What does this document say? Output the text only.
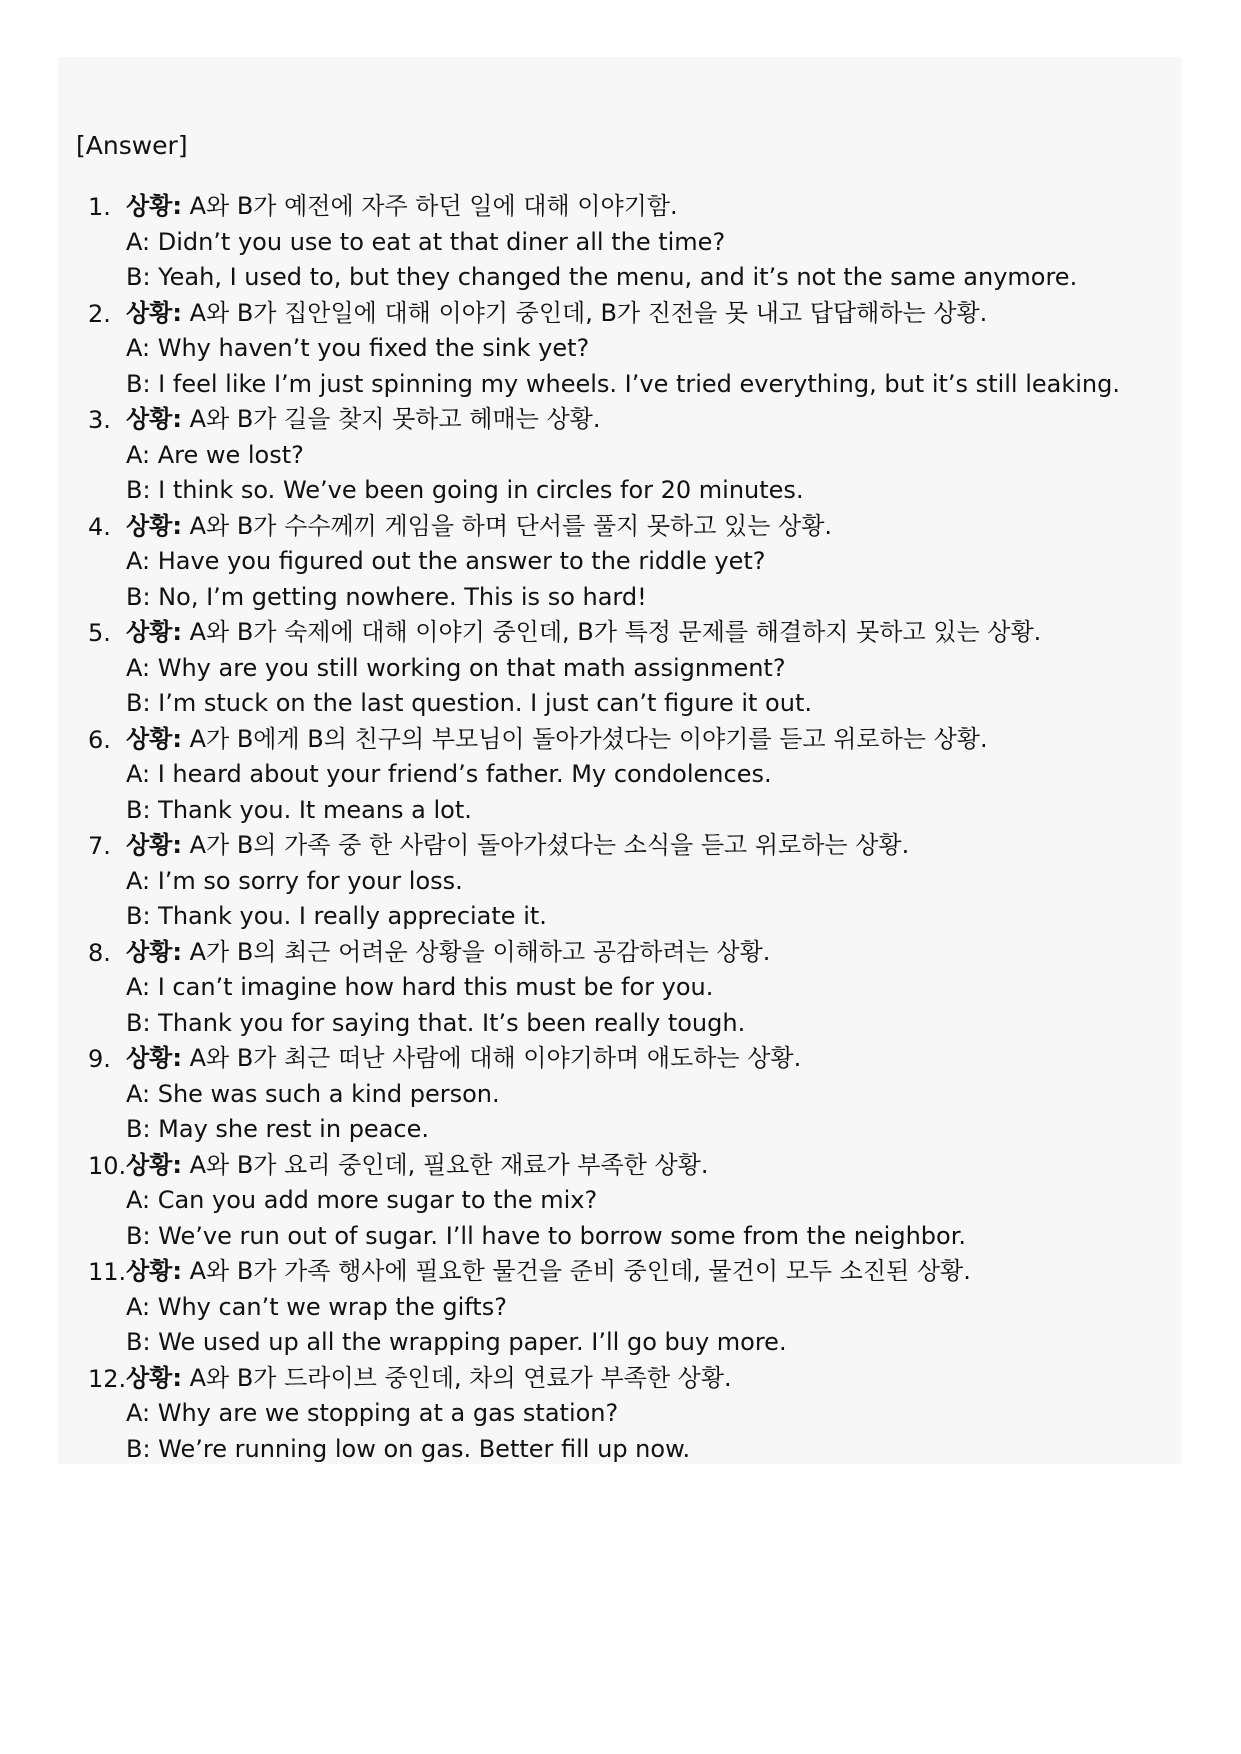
[Answer]
1. 상황: A와 B가 예전에 자주 하던 일에 대해 이야기함.
A: Didn’t you use to eat at that diner all the time?
B: Yeah, I used to, but they changed the menu, and it’s not the same anymore.
2. 상황: A와 B가 집안일에 대해 이야기 중인데, B가 진전을 못 내고 답답해하는 상황.
A: Why haven’t you fixed the sink yet?
B: I feel like I’m just spinning my wheels. I’ve tried everything, but it’s still leaking.
3. 상황: A와 B가 길을 찾지 못하고 헤매는 상황.
A: Are we lost?
B: I think so. We’ve been going in circles for 20 minutes.
4. 상황: A와 B가 수수께끼 게임을 하며 단서를 풀지 못하고 있는 상황.
A: Have you figured out the answer to the riddle yet?
B: No, I’m getting nowhere. This is so hard!
5. 상황: A와 B가 숙제에 대해 이야기 중인데, B가 특정 문제를 해결하지 못하고 있는 상황.
A: Why are you still working on that math assignment?
B: I’m stuck on the last question. I just can’t figure it out.
6. 상황: A가 B에게 B의 친구의 부모님이 돌아가셨다는 이야기를 듣고 위로하는 상황.
A: I heard about your friend’s father. My condolences.
B: Thank you. It means a lot.
7. 상황: A가 B의 가족 중 한 사람이 돌아가셨다는 소식을 듣고 위로하는 상황.
A: I’m so sorry for your loss.
B: Thank you. I really appreciate it.
8. 상황: A가 B의 최근 어려운 상황을 이해하고 공감하려는 상황.
A: I can’t imagine how hard this must be for you.
B: Thank you for saying that. It’s been really tough.
9. 상황: A와 B가 최근 떠난 사람에 대해 이야기하며 애도하는 상황.
A: She was such a kind person.
B: May she rest in peace.
10. 상황: A와 B가 요리 중인데, 필요한 재료가 부족한 상황.
A: Can you add more sugar to the mix?
B: We’ve run out of sugar. I’ll have to borrow some from the neighbor.
11. 상황: A와 B가 가족 행사에 필요한 물건을 준비 중인데, 물건이 모두 소진된 상황.
A: Why can’t we wrap the gifts?
B: We used up all the wrapping paper. I’ll go buy more.
12. 상황: A와 B가 드라이브 중인데, 차의 연료가 부족한 상황.
A: Why are we stopping at a gas station?
B: We’re running low on gas. Better fill up now.
